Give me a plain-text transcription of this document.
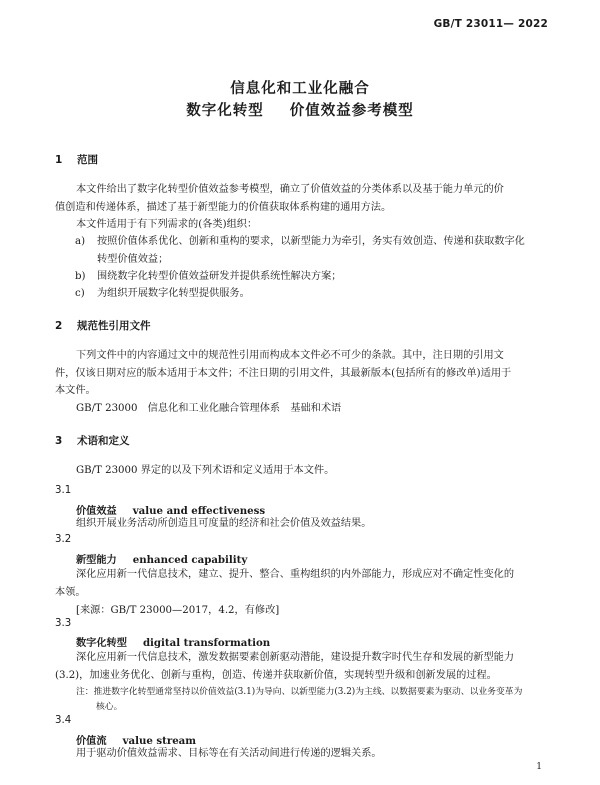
GB/T 23011— 2022
信息化和工业化融合
数字化转型 价值效益参考模型
1 范围
本文件给出了数字化转型价值效益参考模型，确立了价值效益的分类体系以及基于能力单元的价
值创造和传递体系，描述了基于新型能力的价值获取体系构建的通用方法。
本文件适用于有下列需求的(各类)组织：
a)	按照价值体系优化、创新和重构的要求，以新型能力为牵引，务实有效创造、传递和获取数字化
转型价值效益；
b)	围绕数字化转型价值效益研发并提供系统性解决方案；
c)	为组织开展数字化转型提供服务。
2 规范性引用文件
下列文件中的内容通过文中的规范性引用而构成本文件必不可少的条款。其中，注日期的引用文
件，仅该日期对应的版本适用于本文件；不注日期的引用文件，其最新版本(包括所有的修改单)适用于
本文件。
GB/T 23000　信息化和工业化融合管理体系　基础和术语
3 术语和定义
GB/T 23000 界定的以及下列术语和定义适用于本文件。
3.1
价值效益 value and effectiveness
组织开展业务活动所创造且可度量的经济和社会价值及效益结果。
3.2
新型能力 enhanced capability
深化应用新一代信息技术，建立、提升、整合、重构组织的内外部能力，形成应对不确定性变化的
本领。
[来源：GB/T 23000—2017，4.2，有修改]
3.3
数字化转型 digital transformation
深化应用新一代信息技术，激发数据要素创新驱动潜能，建设提升数字时代生存和发展的新型能力
(3.2)，加速业务优化、创新与重构，创造、传递并获取新价值，实现转型升级和创新发展的过程。
注：推进数字化转型通常坚持以价值效益(3.1)为导向、以新型能力(3.2)为主线、以数据要素为驱动、以业务变革为

核心。
3.4
价值流 value stream
用于驱动价值效益需求、目标等在有关活动间进行传递的逻辑关系。
1
